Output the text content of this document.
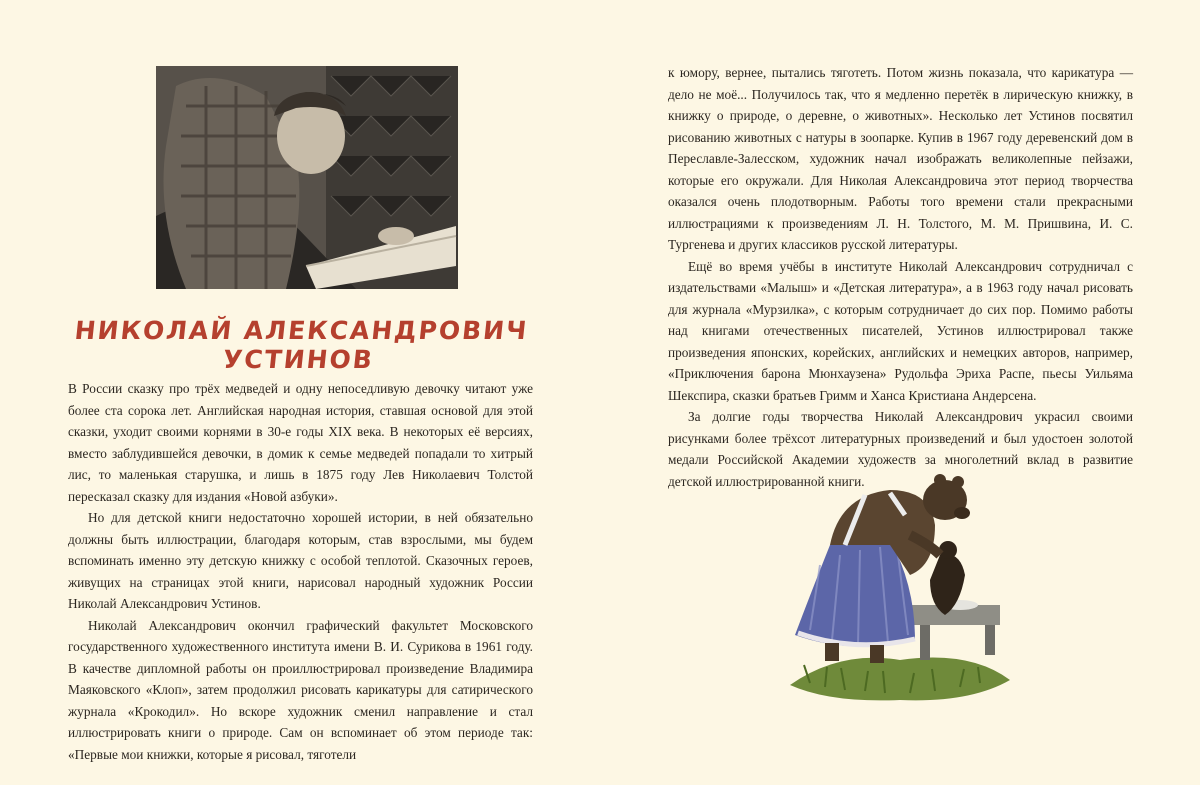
НИКОЛАЙ АЛЕКСАНДРОВИЧ УСТИНОВ

В России сказку про трёх медведей и одну непоседливую девочку читают уже более ста сорока лет. Английская народная история, ставшая основой для этой сказки, уходит своими корнями в 30-е годы XIX века. В некоторых её версиях, вместо заблудившейся девочки, в домик к семье медведей попадали то хитрый лис, то маленькая старушка, и лишь в 1875 году Лев Николаевич Толстой пересказал сказку для издания «Новой азбуки».

Но для детской книги недостаточно хорошей истории, в ней обязательно должны быть иллюстрации, благодаря которым, став взрослыми, мы будем вспоминать именно эту детскую книжку с особой теплотой. Сказочных героев, живущих на страницах этой книги, нарисовал народный художник России Николай Александрович Устинов.

Николай Александрович окончил графический факультет Московского государственного художественного института имени В. И. Сурикова в 1961 году. В качестве дипломной работы он проиллюстрировал произведение Владимира Маяковского «Клоп», затем продолжил рисовать карикатуры для сатирического журнала «Крокодил». Но вскоре художник сменил направление и стал иллюстрировать книги о природе. Сам он вспоминает об этом периоде так: «Первые мои книжки, которые я рисовал, тяготели

к юмору, вернее, пытались тяготеть. Потом жизнь показала, что карикатура — дело не моё... Получилось так, что я медленно перетёк в лирическую книжку, в книжку о природе, о деревне, о животных». Несколько лет Устинов посвятил рисованию животных с натуры в зоопарке. Купив в 1967 году деревенский дом в Переславле-Залесском, художник начал изображать великолепные пейзажи, которые его окружали. Для Николая Александровича этот период творчества оказался очень плодотворным. Работы того времени стали прекрасными иллюстрациями к произведениям Л. Н. Толстого, М. М. Пришвина, И. С. Тургенева и других классиков русской литературы.

Ещё во время учёбы в институте Николай Александрович сотрудничал с издательствами «Малыш» и «Детская литература», а в 1963 году начал рисовать для журнала «Мурзилка», с которым сотрудничает до сих пор. Помимо работы над книгами отечественных писателей, Устинов иллюстрировал также произведения японских, корейских, английских и немецких авторов, например, «Приключения барона Мюнхаузена» Рудольфа Эриха Распе, пьесы Уильяма Шекспира, сказки братьев Гримм и Ханса Кристиана Андерсена.

За долгие годы творчества Николай Александрович украсил своими рисунками более трёхсот литературных произведений и был удостоен золотой медали Российской Академии художеств за многолетний вклад в развитие детской иллюстрированной книги.
